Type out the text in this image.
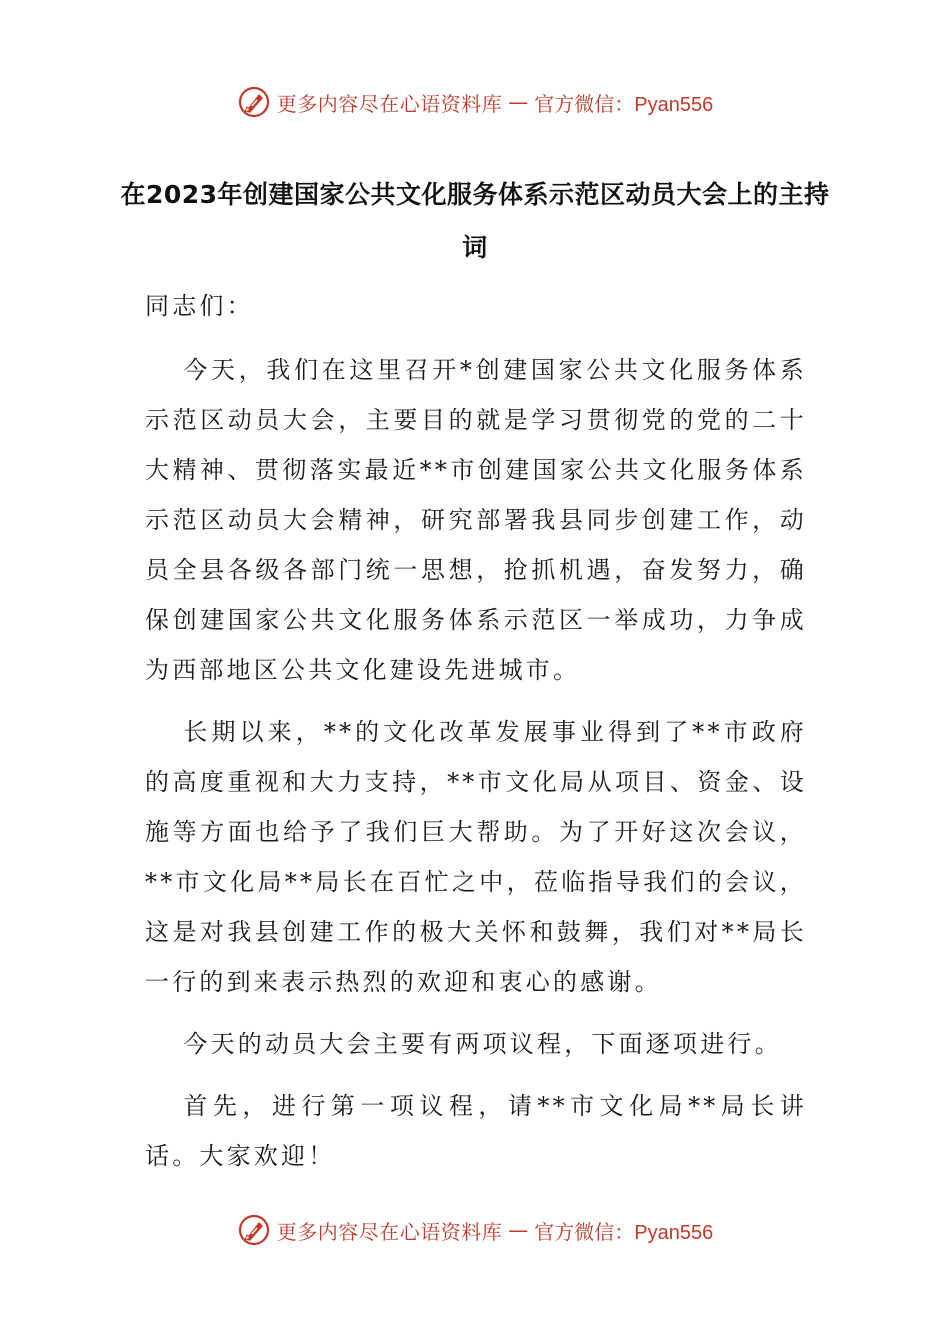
更多内容尽在心语资料库 — 官方微信：Pyan556
在2023年创建国家公共文化服务体系示范区动员大会上的主持词

同志们：

今天，我们在这里召开*创建国家公共文化服务体系示范区动员大会，主要目的就是学习贯彻党的党的二十大精神、贯彻落实最近**市创建国家公共文化服务体系示范区动员大会精神，研究部署我县同步创建工作，动员全县各级各部门统一思想，抢抓机遇，奋发努力，确保创建国家公共文化服务体系示范区一举成功，力争成为西部地区公共文化建设先进城市。

长期以来，**的文化改革发展事业得到了**市政府的高度重视和大力支持，**市文化局从项目、资金、设施等方面也给予了我们巨大帮助。为了开好这次会议，**市文化局**局长在百忙之中，莅临指导我们的会议，这是对我县创建工作的极大关怀和鼓舞，我们对**局长一行的到来表示热烈的欢迎和衷心的感谢。

今天的动员大会主要有两项议程，下面逐项进行。

首先，进行第一项议程，请**市文化局**局长讲话。大家欢迎！

更多内容尽在心语资料库 — 官方微信：Pyan556
